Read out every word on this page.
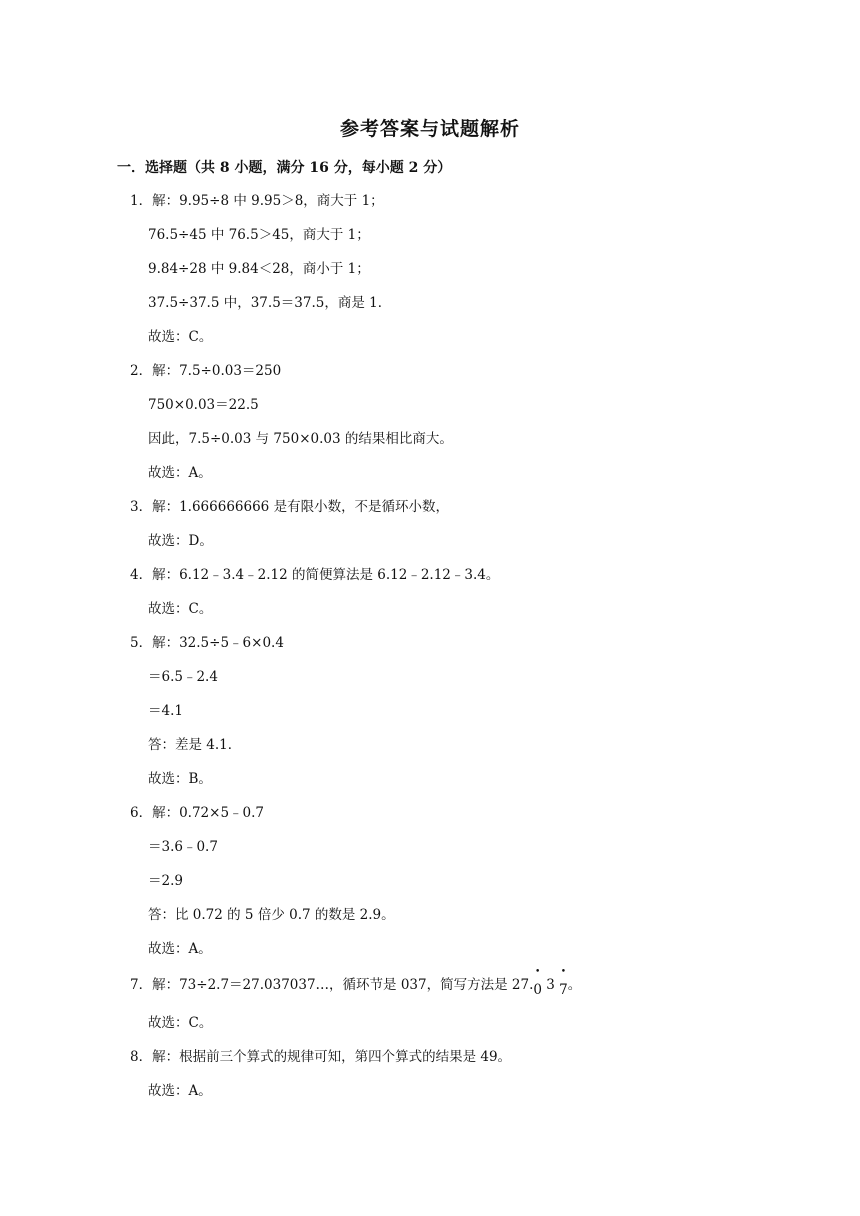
参考答案与试题解析
一．选择题（共 8 小题，满分 16 分，每小题 2 分）
1．解：9.95÷8 中 9.95＞8，商大于 1；
76.5÷45 中 76.5＞45，商大于 1；
9.84÷28 中 9.84＜28，商小于 1；
37.5÷37.5 中，37.5＝37.5，商是 1．
故选：C。
2．解：7.5÷0.03＝250
750×0.03＝22.5
因此，7.5÷0.03 与 750×0.03 的结果相比商大。
故选：A。
3．解：1.666666666 是有限小数，不是循环小数，
故选：D。
4．解：6.12﹣3.4﹣2.12 的简便算法是 6.12﹣2.12﹣3.4。
故选：C。
5．解：32.5÷5﹣6×0.4
＝6.5﹣2.4
＝4.1
答：差是 4.1．
故选：B。
6．解：0.72×5﹣0.7
＝3.6﹣0.7
＝2.9
答：比 0.72 的 5 倍少 0.7 的数是 2.9。
故选：A。
7．解：73÷2.7＝27.037037…，循环节是 037，简写方法是 27.• 0 3 • 7。
故选：C。
8．解：根据前三个算式的规律可知，第四个算式的结果是 49。
故选：A。
